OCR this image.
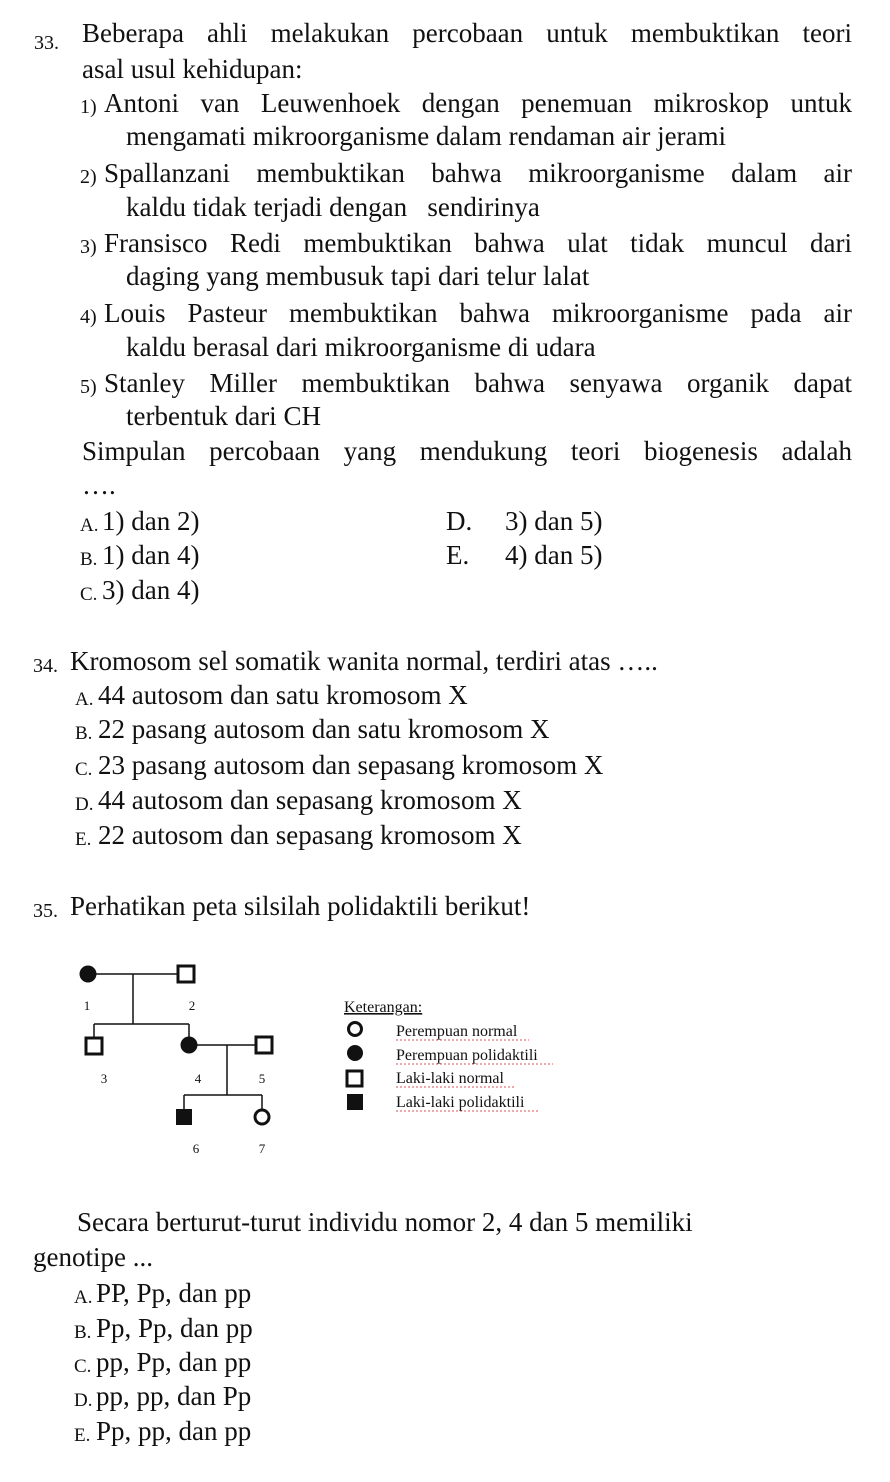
33. Beberapa ahli melakukan percobaan untuk membuktikan teori
asal usul kehidupan:
1) Antoni van Leuwenhoek dengan penemuan mikroskop untuk
mengamati mikroorganisme dalam rendaman air jerami
2) Spallanzani membuktikan bahwa mikroorganisme dalam air
kaldu tidak terjadi dengan   sendirinya
3) Fransisco Redi membuktikan bahwa ulat tidak muncul dari
daging yang membusuk tapi dari telur lalat
4) Louis Pasteur membuktikan bahwa mikroorganisme pada air
kaldu berasal dari mikroorganisme di udara
5) Stanley Miller membuktikan bahwa senyawa organik dapat
terbentuk dari CH
Simpulan percobaan yang mendukung teori biogenesis adalah
….
A. 1) dan 2)
B. 1) dan 4)
C. 3) dan 4)
D. 3) dan 5)
E. 4) dan 5)
34. Kromosom sel somatik wanita normal, terdiri atas …..
A. 44 autosom dan satu kromosom X
B. 22 pasang autosom dan satu kromosom X
C. 23 pasang autosom dan sepasang kromosom X
D. 44 autosom dan sepasang kromosom X
E. 22 autosom dan sepasang kromosom X
35. Perhatikan peta silsilah polidaktili berikut!
1	2
3	4	5
6	7
Keterangan:
Perempuan normal
Perempuan polidaktili
Laki-laki normal
Laki-laki polidaktili
Secara berturut-turut individu nomor 2, 4 dan 5 memiliki
genotipe ...
A. PP, Pp, dan pp
B. Pp, Pp, dan pp
C. pp, Pp, dan pp
D. pp, pp, dan Pp
E. Pp, pp, dan pp
